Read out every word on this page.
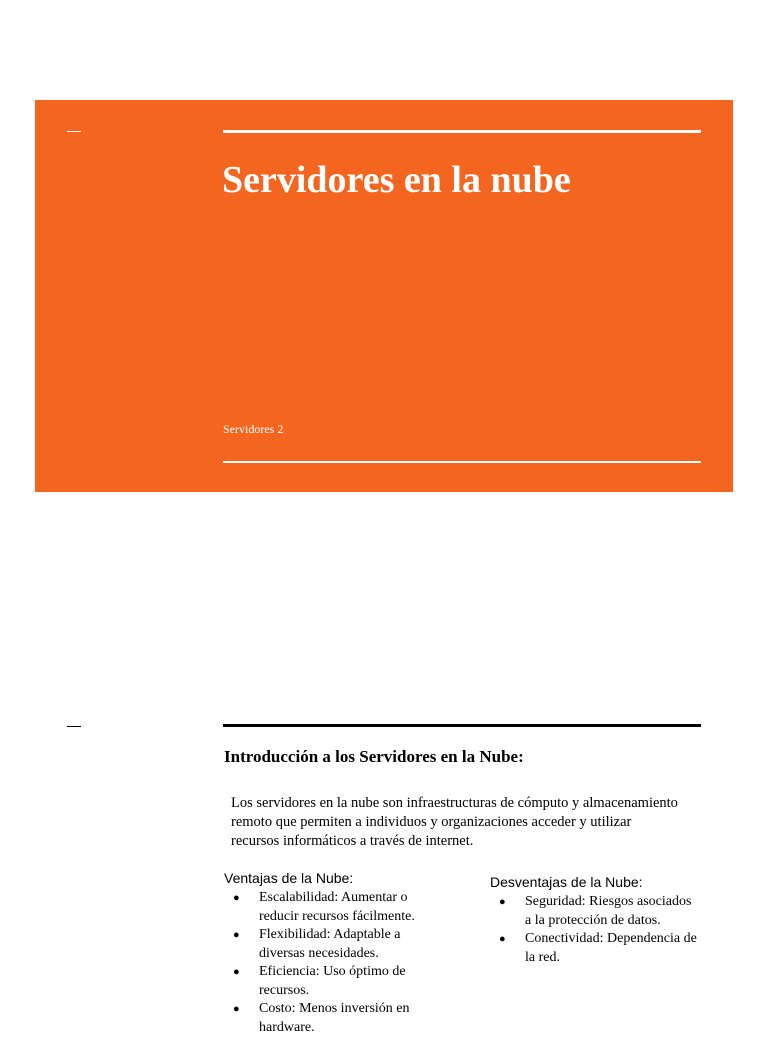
Servidores en la nube
Servidores 2
Introducción a los Servidores en la Nube:

Los servidores en la nube son infraestructuras de cómputo y almacenamiento remoto que permiten a individuos y organizaciones acceder y utilizar recursos informáticos a través de internet.

Ventajas de la Nube:
● Escalabilidad: Aumentar o reducir recursos fácilmente.
● Flexibilidad: Adaptable a diversas necesidades.
● Eficiencia: Uso óptimo de recursos.
● Costo: Menos inversión en hardware.
Desventajas de la Nube:
● Seguridad: Riesgos asociados a la protección de datos.
● Conectividad: Dependencia de la red.
